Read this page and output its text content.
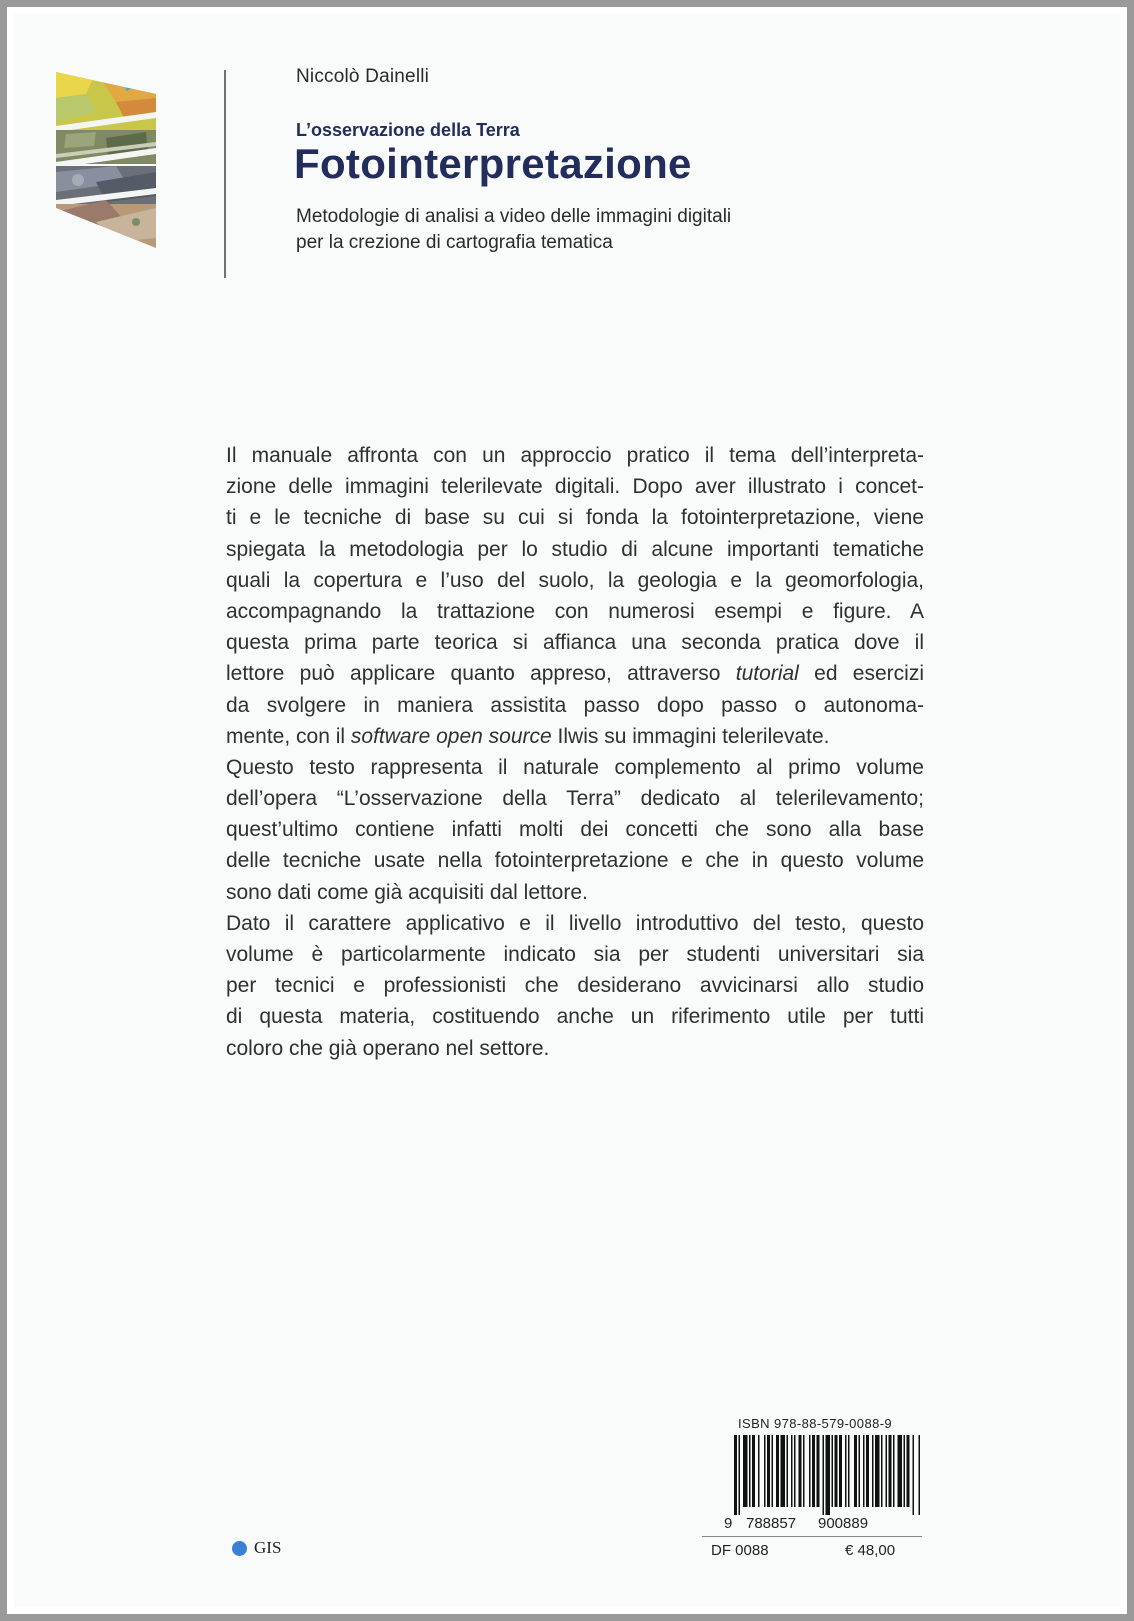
Niccolò Dainelli
L’osservazione della Terra
Fotointerpretazione
Metodologie di analisi a video delle immagini digitali
per la crezione di cartografia tematica
Il manuale affronta con un approccio pratico il tema dell’interpreta-
zione delle immagini telerilevate digitali. Dopo aver illustrato i concet-
ti e le tecniche di base su cui si fonda la fotointerpretazione, viene
spiegata la metodologia per lo studio di alcune importanti tematiche
quali la copertura e l’uso del suolo, la geologia e la geomorfologia,
accompagnando la trattazione con numerosi esempi e figure. A
questa prima parte teorica si affianca una seconda pratica dove il
lettore può applicare quanto appreso, attraverso tutorial ed esercizi
da svolgere in maniera assistita passo dopo passo o autonoma-
mente, con il software open source Ilwis su immagini telerilevate.
Questo testo rappresenta il naturale complemento al primo volume
dell’opera “L’osservazione della Terra” dedicato al telerilevamento;
quest’ultimo contiene infatti molti dei concetti che sono alla base
delle tecniche usate nella fotointerpretazione e che in questo volume
sono dati come già acquisiti dal lettore.
Dato il carattere applicativo e il livello introduttivo del testo, questo
volume è particolarmente indicato sia per studenti universitari sia
per tecnici e professionisti che desiderano avvicinarsi allo studio
di questa materia, costituendo anche un riferimento utile per tutti
coloro che già operano nel settore.
ISBN 978-88-579-0088-9
9 788857 900889
DF 0088	€ 48,00
GIS
